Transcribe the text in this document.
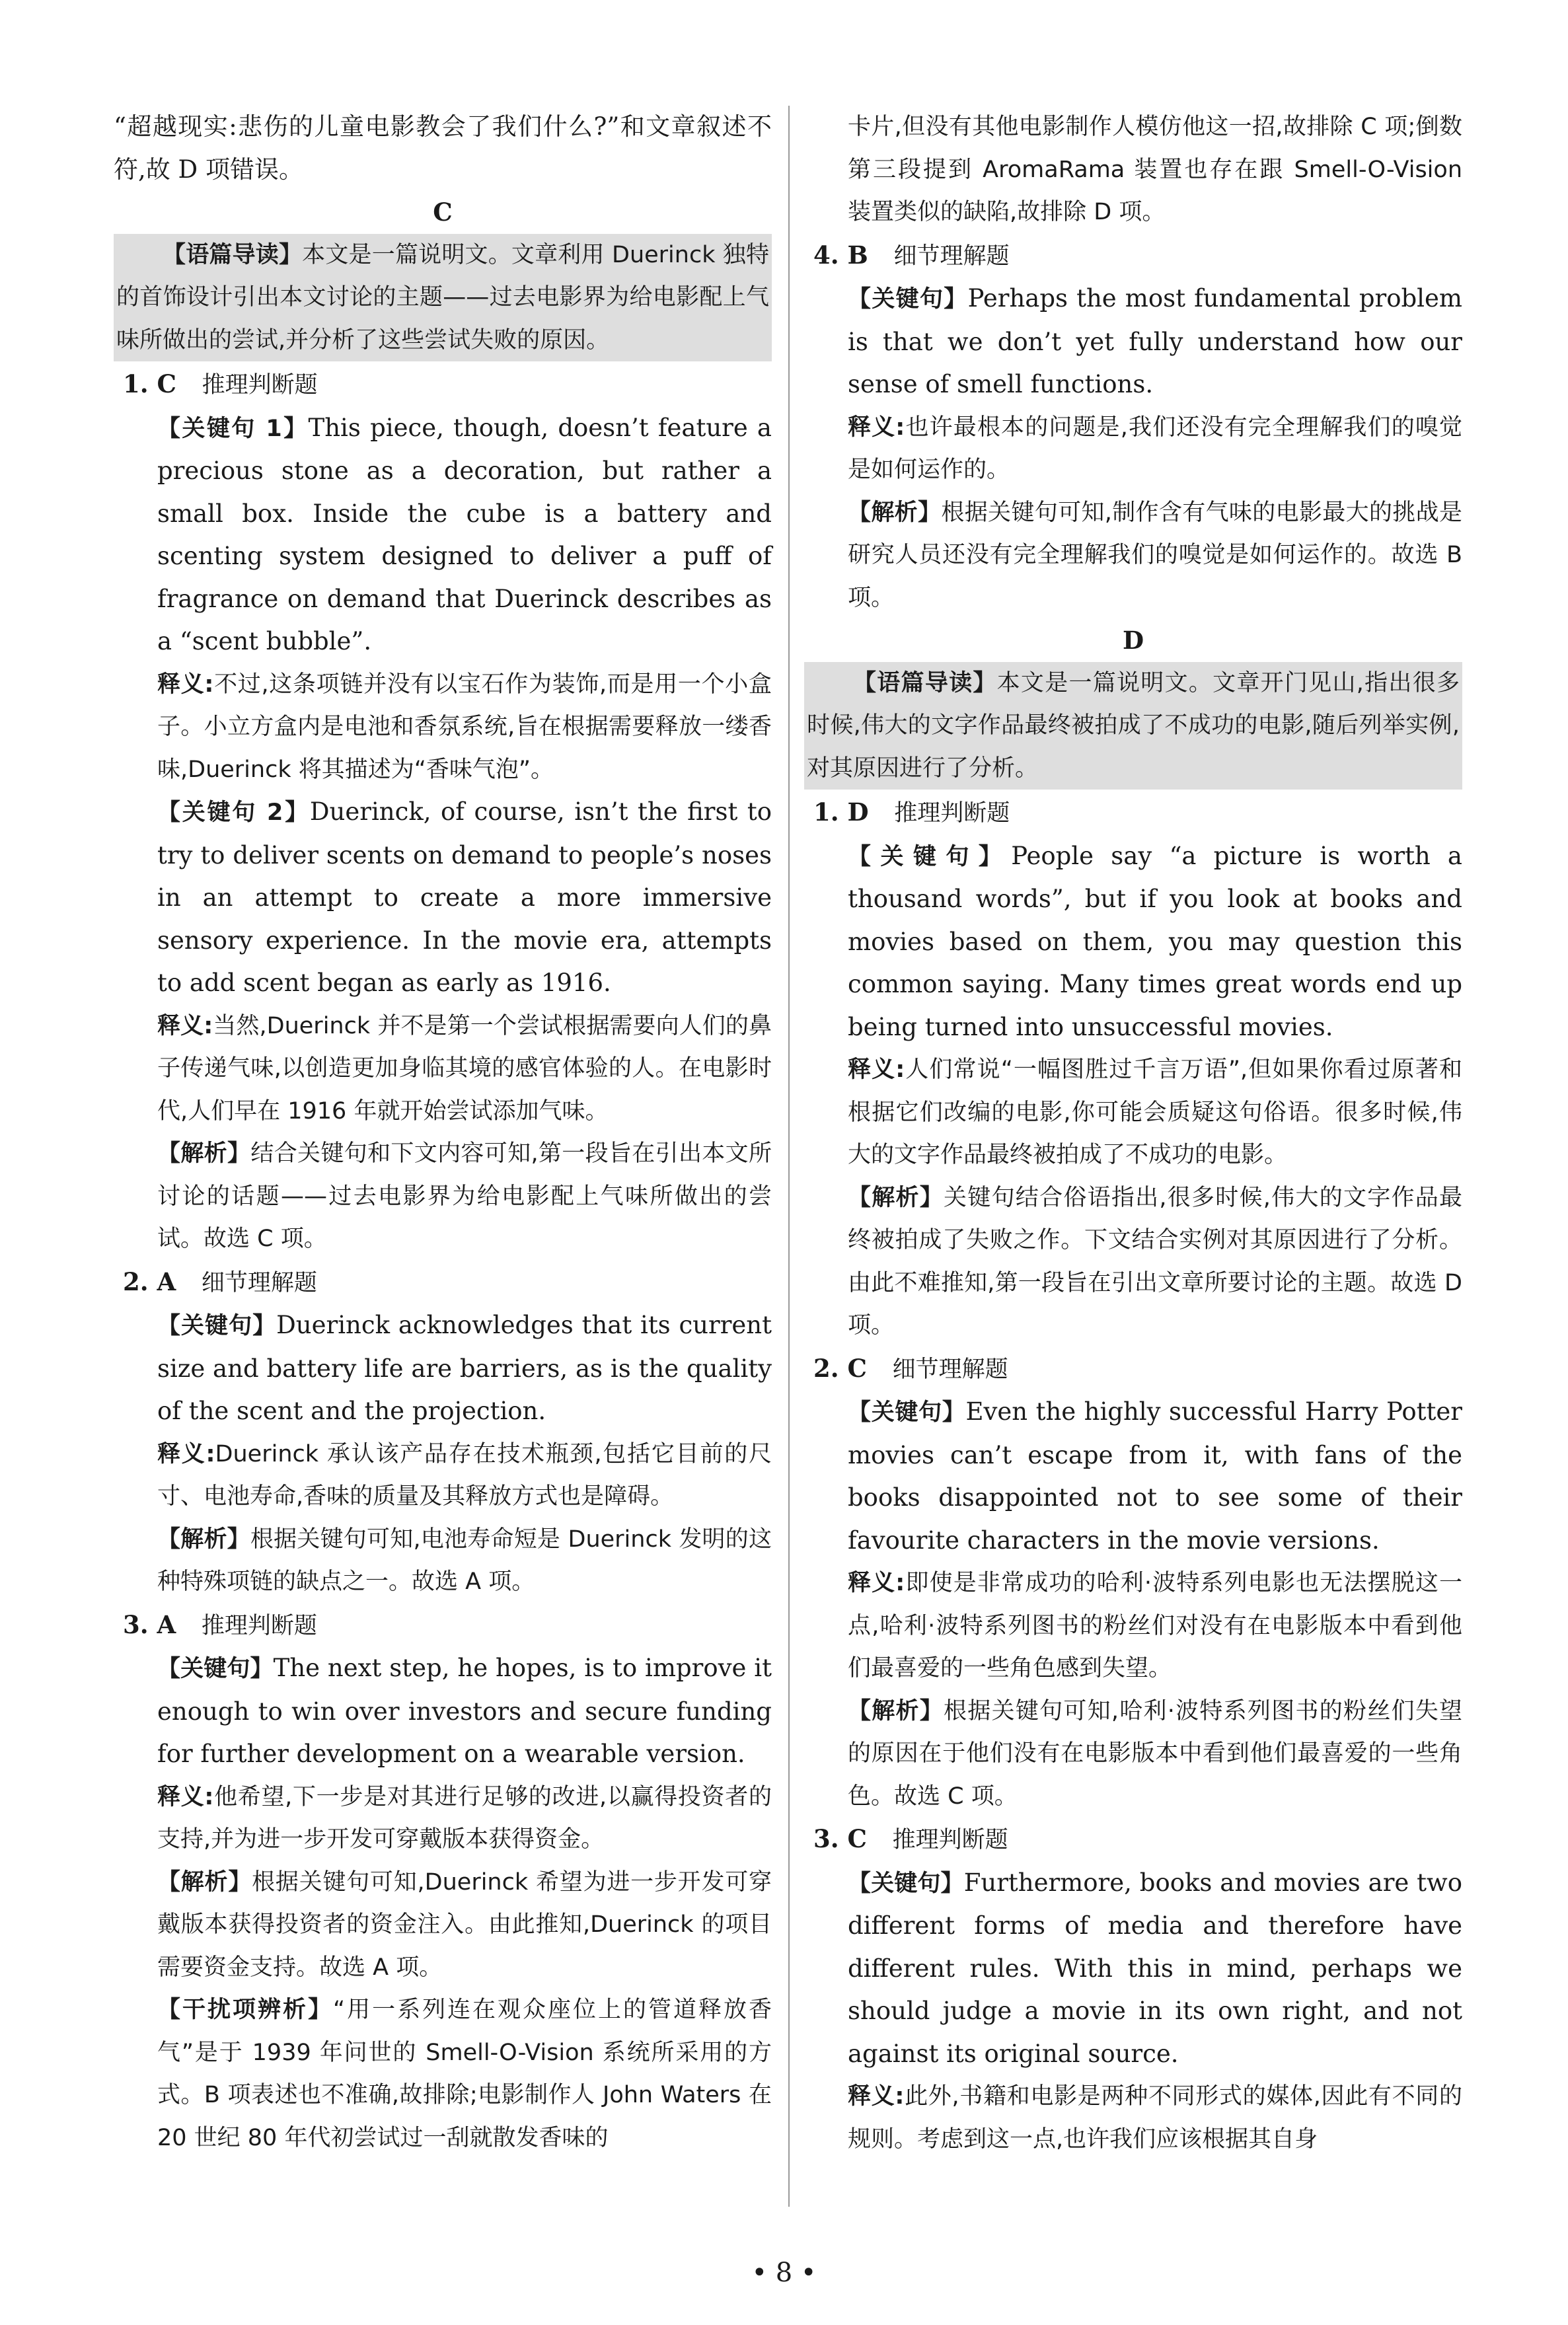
“超越现实:悲伤的儿童电影教会了我们什么?”和文章叙述不符,故 D 项错误。

C

【语篇导读】本文是一篇说明文。文章利用 Duerinck 独特的首饰设计引出本文讨论的主题——过去电影界为给电影配上气味所做出的尝试,并分析了这些尝试失败的原因。

1. C 推理判断题

【关键句 1】This piece, though, doesn’t feature a precious stone as a decoration, but rather a small box. Inside the cube is a battery and scenting system designed to deliver a puff of fragrance on demand that Duerinck describes as a “scent bubble”.

释义:不过,这条项链并没有以宝石作为装饰,而是用一个小盒子。小立方盒内是电池和香氛系统,旨在根据需要释放一缕香味,Duerinck 将其描述为“香味气泡”。

【关键句 2】Duerinck, of course, isn’t the first to try to deliver scents on demand to people’s noses in an attempt to create a more immersive sensory experience. In the movie era, attempts to add scent began as early as 1916.

释义:当然,Duerinck 并不是第一个尝试根据需要向人们的鼻子传递气味,以创造更加身临其境的感官体验的人。在电影时代,人们早在 1916 年就开始尝试添加气味。

【解析】结合关键句和下文内容可知,第一段旨在引出本文所讨论的话题——过去电影界为给电影配上气味所做出的尝试。故选 C 项。

2. A 细节理解题

【关键句】Duerinck acknowledges that its current size and battery life are barriers, as is the quality of the scent and the projection.

释义:Duerinck 承认该产品存在技术瓶颈,包括它目前的尺寸、电池寿命,香味的质量及其释放方式也是障碍。

【解析】根据关键句可知,电池寿命短是 Duerinck 发明的这种特殊项链的缺点之一。故选 A 项。

3. A 推理判断题

【关键句】The next step, he hopes, is to improve it enough to win over investors and secure funding for further development on a wearable version.

释义:他希望,下一步是对其进行足够的改进,以赢得投资者的支持,并为进一步开发可穿戴版本获得资金。

【解析】根据关键句可知,Duerinck 希望为进一步开发可穿戴版本获得投资者的资金注入。由此推知,Duerinck 的项目需要资金支持。故选 A 项。

【干扰项辨析】“用一系列连在观众座位上的管道释放香气”是于 1939 年问世的 Smell-O-Vision 系统所采用的方式。B 项表述也不准确,故排除;电影制作人 John Waters 在 20 世纪 80 年代初尝试过一刮就散发香味的

卡片,但没有其他电影制作人模仿他这一招,故排除 C 项;倒数第三段提到 AromaRama 装置也存在跟 Smell-O-Vision 装置类似的缺陷,故排除 D 项。

4. B 细节理解题

【关键句】Perhaps the most fundamental problem is that we don’t yet fully understand how our sense of smell functions.

释义:也许最根本的问题是,我们还没有完全理解我们的嗅觉是如何运作的。

【解析】根据关键句可知,制作含有气味的电影最大的挑战是研究人员还没有完全理解我们的嗅觉是如何运作的。故选 B 项。

D

【语篇导读】本文是一篇说明文。文章开门见山,指出很多时候,伟大的文字作品最终被拍成了不成功的电影,随后列举实例,对其原因进行了分析。

1. D 推理判断题

【关键句】People say “a picture is worth a thousand words”, but if you look at books and movies based on them, you may question this common saying. Many times great words end up being turned into unsuccessful movies.

释义:人们常说“一幅图胜过千言万语”,但如果你看过原著和根据它们改编的电影,你可能会质疑这句俗语。很多时候,伟大的文字作品最终被拍成了不成功的电影。

【解析】关键句结合俗语指出,很多时候,伟大的文字作品最终被拍成了失败之作。下文结合实例对其原因进行了分析。由此不难推知,第一段旨在引出文章所要讨论的主题。故选 D 项。

2. C 细节理解题

【关键句】Even the highly successful Harry Potter movies can’t escape from it, with fans of the books disappointed not to see some of their favourite characters in the movie versions.

释义:即使是非常成功的哈利·波特系列电影也无法摆脱这一点,哈利·波特系列图书的粉丝们对没有在电影版本中看到他们最喜爱的一些角色感到失望。

【解析】根据关键句可知,哈利·波特系列图书的粉丝们失望的原因在于他们没有在电影版本中看到他们最喜爱的一些角色。故选 C 项。

3. C 推理判断题

【关键句】Furthermore, books and movies are two different forms of media and therefore have different rules. With this in mind, perhaps we should judge a movie in its own right, and not against its original source.

释义:此外,书籍和电影是两种不同形式的媒体,因此有不同的规则。考虑到这一点,也许我们应该根据其自身

• 8 •
